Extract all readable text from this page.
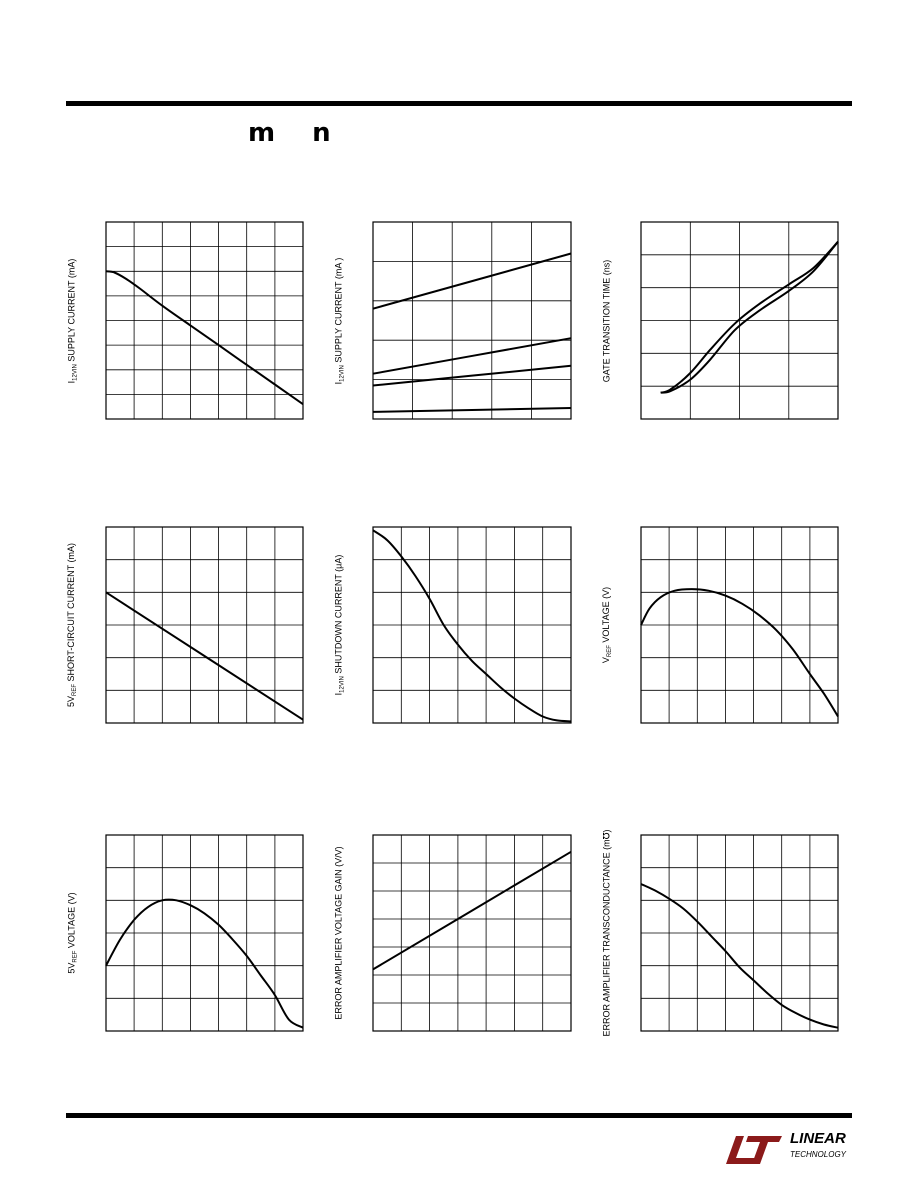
m n
LINEAR
TECHNOLOGY
$I_{12VIN}$ SUPPLY CURRENT (mA)
$I_{12VIN}$ SUPPLY CURRENT (mA )	GATE TRANSITION TIME (ns)
$5V_{REF}$ SHORT-CIRCUIT CURRENT (mA)
$I_{12VIN}$ SHUTDOWN CURRENT (μA)	$V_{REF}$ VOLTAGE (V)
$5V_{REF}$ VOLTAGE (V)	ERROR AMPLIFIER VOLTAGE GAIN (V/V)	ERROR AMPLIFIER TRANSCONDUCTANCE (m℧)
